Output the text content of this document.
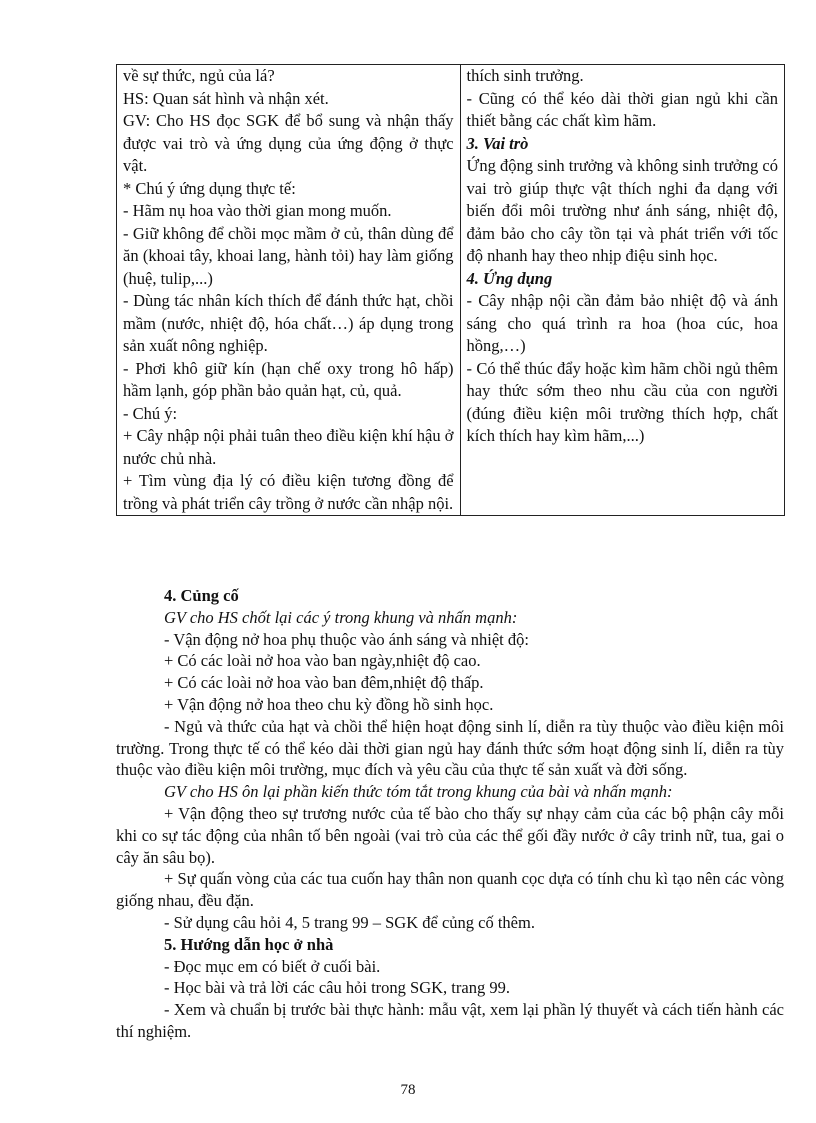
về sự thức, ngủ của lá?
HS: Quan sát hình và nhận xét.
GV: Cho HS đọc SGK để bổ sung và nhận thấy được vai trò và ứng dụng của ứng động ở thực vật.
* Chú ý ứng dụng thực tế:
- Hãm nụ hoa vào thời gian mong muốn.
- Giữ không để chồi mọc mầm ở củ, thân dùng để ăn (khoai tây, khoai lang, hành tỏi) hay làm giống (huệ, tulip,...)
- Dùng tác nhân kích thích để đánh thức hạt, chồi mầm (nước, nhiệt độ, hóa chất…) áp dụng trong sản xuất nông nghiệp.
- Phơi khô giữ kín (hạn chế oxy trong hô hấp) hầm lạnh, góp phần bảo quản hạt, củ, quả.
- Chú ý:
+ Cây nhập nội phải tuân theo điều kiện khí hậu ở nước chủ nhà.
+ Tìm vùng địa lý có điều kiện tương đồng để trồng và phát triển cây trồng ở nước cần nhập nội.

thích sinh trưởng.
- Cũng có thể kéo dài thời gian ngủ khi cần thiết bằng các chất kìm hãm.
3. Vai trò
Ứng động sinh trưởng và không sinh trưởng có vai trò giúp thực vật thích nghi đa dạng với biến đổi môi trường như ánh sáng, nhiệt độ, đảm bảo cho cây tồn tại và phát triển với tốc độ nhanh hay theo nhịp điệu sinh học.
4. Ứng dụng
- Cây nhập nội cần đảm bảo nhiệt độ và ánh sáng cho quá trình ra hoa (hoa cúc, hoa hồng,…)
- Có thể thúc đẩy hoặc kìm hãm chồi ngủ thêm hay thức sớm theo nhu cầu của con người (đúng điều kiện môi trường thích hợp, chất kích thích hay kìm hãm,...)
4. Củng cố
GV cho HS chốt lại các ý trong khung và nhấn mạnh:
- Vận động nở hoa phụ thuộc vào ánh sáng và nhiệt độ:
+ Có các loài nở hoa vào ban ngày,nhiệt độ cao.
+ Có các loài nở hoa vào ban đêm,nhiệt độ thấp.
+ Vận động nở hoa theo chu kỳ đồng hồ sinh học.
- Ngủ và thức của hạt và chồi thể hiện hoạt động sinh lí, diễn ra tùy thuộc vào điều kiện môi trường. Trong thực tế có thể kéo dài thời gian ngủ hay đánh thức sớm hoạt động sinh lí, diễn ra tùy thuộc vào điều kiện môi trường, mục đích và yêu cầu của thực tế sản xuất và đời sống.
GV cho HS ôn lại phần kiến thức tóm tắt trong khung của bài và nhấn mạnh:
+ Vận động theo sự trương nước của tế bào cho thấy sự nhạy cảm của các bộ phận cây mỗi khi co sự tác động của nhân tố bên ngoài (vai trò của các thể gối đầy nước ở cây trinh nữ, tua, gai o cây ăn sâu bọ).
+ Sự quấn vòng của các tua cuốn hay thân non quanh cọc dựa có tính chu kì tạo nên các vòng giống nhau, đều đặn.
- Sử dụng câu hỏi 4, 5 trang 99 – SGK để củng cố thêm.
5. Hướng dẫn học ở nhà
- Đọc mục em có biết ở cuối bài.
- Học bài và trả lời các câu hỏi trong SGK, trang 99.
- Xem và chuẩn bị trước bài thực hành: mẫu vật, xem lại phần lý thuyết và cách tiến hành các thí nghiệm.
78
